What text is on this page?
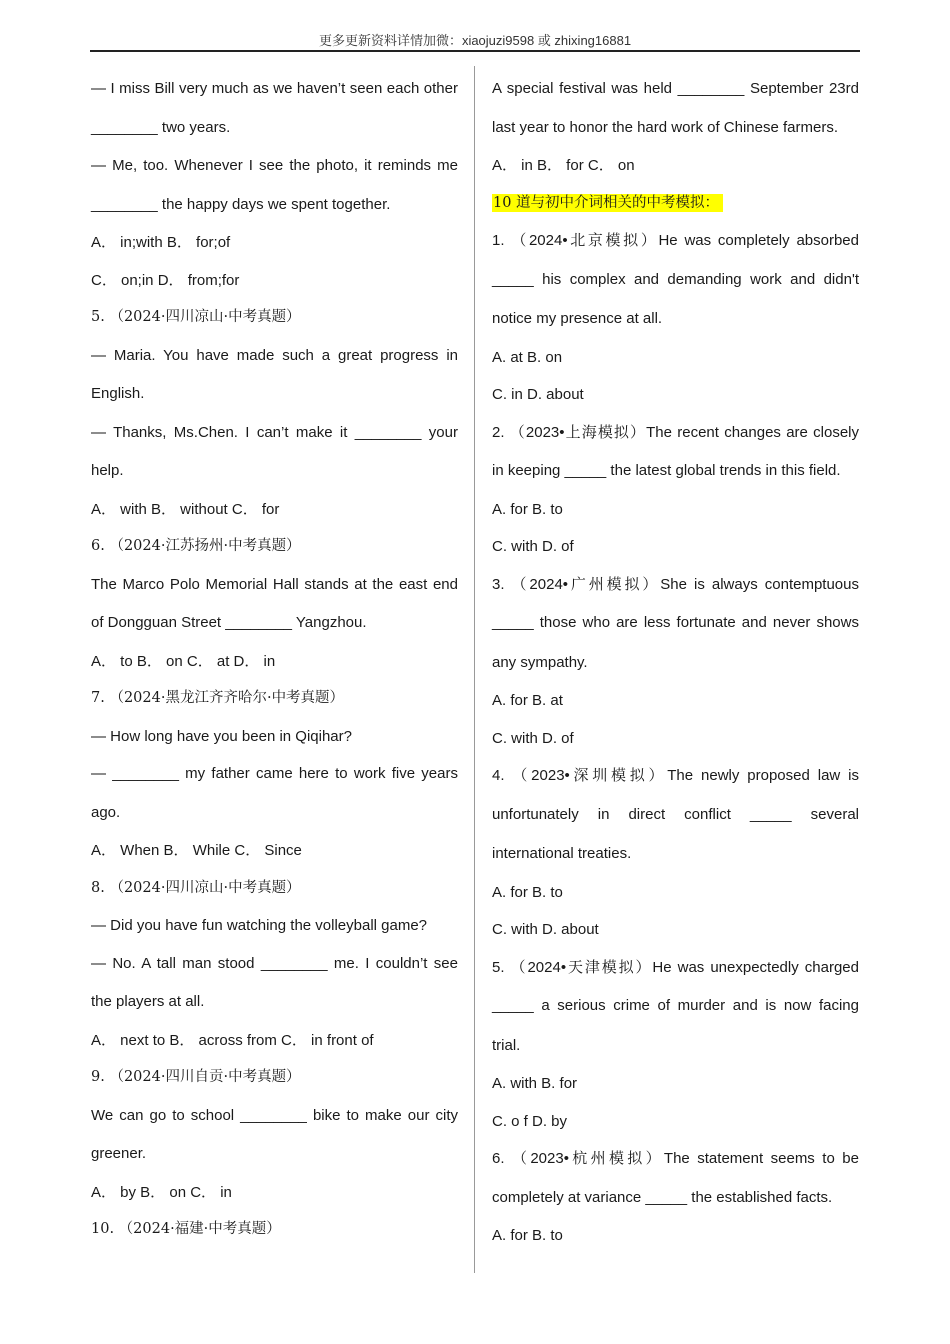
更多更新资料详情加微：xiaojuzi9598 或 zhixing16881
— I miss Bill very much as we haven’t seen each other
________ two years.
— Me, too. Whenever I see the photo, it reminds me
________ the happy days we spent together.
A． in;with B． for;of
C． on;in D． from;for
5. （2024·四川凉山·中考真题）
— Maria. You have made such a great progress in
English.
— Thanks, Ms.Chen. I can’t make it ________ your
help.
A． with B． without C． for
6. （2024·江苏扬州·中考真题）
The Marco Polo Memorial Hall stands at the east end
of Dongguan Street ________ Yangzhou.
A． to B． on C． at D． in
7. （2024·黑龙江齐齐哈尔·中考真题）
— How long have you been in Qiqihar?
— ________ my father came here to work five years
ago.
A． When B． While C． Since
8. （2024·四川凉山·中考真题）
— Did you have fun watching the volleyball game?
— No. A tall man stood ________ me. I couldn’t see
the players at all.
A． next to B． across from C． in front of
9. （2024·四川自贡·中考真题）
We can go to school ________ bike to make our city
greener.
A． by B． on C． in
10. （2024·福建·中考真题）
A special festival was held ________ September 23rd
last year to honor the hard work of Chinese farmers.
A． in B． for C． on
10 道与初中介词相关的中考模拟：
1. （2024•北京模拟）He was completely absorbed
_____ his complex and demanding work and didn't
notice my presence at all.
A. at B. on
C. in D. about
2. （2023•上海模拟）The recent changes are closely
in keeping _____ the latest global trends in this field.
A. for B. to
C. with D. of
3. （2024•广州模拟）She is always contemptuous
_____ those who are less fortunate and never shows
any sympathy.
A. for B. at
C. with D. of
4. （2023•深圳模拟）The newly proposed law is
unfortunately in direct conflict _____ several
international treaties.
A. for B. to
C. with D. about
5. （2024•天津模拟）He was unexpectedly charged
_____ a serious crime of murder and is now facing
trial.
A. with B. for
C. o f D. by
6. （2023•杭州模拟）The statement seems to be
completely at variance _____ the established facts.
A. for B. to
